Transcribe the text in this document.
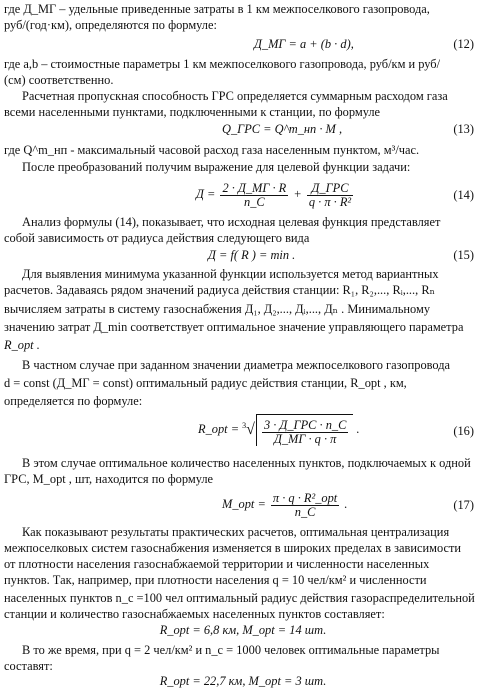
где Д_МГ – удельные приведенные затраты в 1 км межпоселкового газопровода,
руб/(год·км), определяются по формуле:
Д_МГ = a + (b · d),	(12)
где a,b – стоимостные параметры 1 км межпоселкового газопровода, руб/км и руб/
(см) соответственно.
Расчетная пропускная способность ГРС определяется суммарным расходом газа
всеми населенными пунктами, подключенными к станции, по формуле
Q_ГРС = Q^m_нп · M ,	(13)
где Q^m_нп - максимальный часовой расход газа населенным пунктом, м³/час.
После преобразований получим выражение для целевой функции задачи:
$Д = \frac{2 \cdot Д\_МГ \cdot R}{n\_C} + \frac{\text{Д\_ГРС}}{\text{q · π · R²}}$	(14)
Анализ формулы (14), показывает, что исходная целевая функция представляет
собой зависимость от радиуса действия следующего вида
Д = f( R ) = min .	(15)
Для выявления минимума указанной функции используется метод вариантных
расчетов. Задаваясь рядом значений радиуса действия станции: R₁, R₂,..., Rᵢ,..., Rₙ
вычисляем затраты в систему газоснабжения Д₁, Д₂,..., Дᵢ,..., Дₙ . Минимальному
значению затрат Д_min соответствует оптимальное значение управляющего параметра
R_opt .
В частном случае при заданном значении диаметра межпоселкового газопровода
d = const (Д_МГ = const) оптимальный радиус действия станции, R_opt , км,
определяется по формуле:
R_opt = $^3√ \frac{\text{3 · Д\_ГРС · n\_C}}{Д\_МГ \cdot q \cdot \pi}$ .	(16)
В этом случае оптимальное количество населенных пунктов, подключаемых к одной
ГРС, M_opt , шт, находится по формуле
M_opt = $\frac{\text{π · q · R²\_opt}}{n\_C}$ .	(17)
Как показывают результаты практических расчетов, оптимальная централизация
межпоселковых систем газоснабжения изменяется в широких пределах в зависимости
от плотности населения газоснабжаемой территории и численности населенных
пунктов. Так, например, при плотности населения q = 10 чел/км² и численности
населенных пунктов n_c =100 чел оптимальный радиус действия газораспределительной
станции и количество газоснабжаемых населенных пунктов составляет:
R_opt = 6,8 км, M_opt = 14 шт.
В то же время, при q = 2 чел/км² и n_c = 1000 человек оптимальные параметры
составят:
R_opt = 22,7 км, M_opt = 3 шт.
